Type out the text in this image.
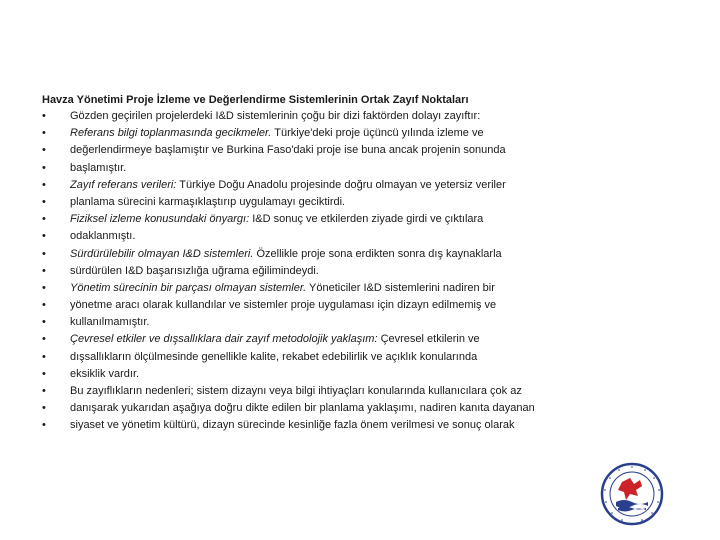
Havza Yönetimi Proje İzleme ve Değerlendirme Sistemlerinin Ortak Zayıf Noktaları
•	Gözden geçirilen projelerdeki I&D sistemlerinin çoğu bir dizi faktörden dolayı zayıftır:
•	Referans bilgi toplanmasında gecikmeler. Türkiye'deki proje üçüncü yılında izleme ve
•	değerlendirmeye başlamıştır ve Burkina Faso'daki proje ise buna ancak projenin sonunda
•	başlamıştır.
•	Zayıf referans verileri: Türkiye Doğu Anadolu projesinde doğru olmayan ve yetersiz veriler
•	planlama sürecini karmaşıklaştırıp uygulamayı geciktirdi.
•	Fiziksel izleme konusundaki önyargı: I&D sonuç ve etkilerden ziyade girdi ve çıktılara
•	odaklanmıştı.
•	Sürdürülebilir olmayan I&D sistemleri. Özellikle proje sona erdikten sonra dış kaynaklarla
•	sürdürülen I&D başarısızlığa uğrama eğilimindeydi.
•	Yönetim sürecinin bir parçası olmayan sistemler. Yöneticiler I&D sistemlerini nadiren bir
•	yönetme aracı olarak kullandılar ve sistemler proje uygulaması için dizayn edilmemiş ve
•	kullanılmamıştır.
•	Çevresel etkiler ve dışsallıklara dair zayıf metodolojik yaklaşım: Çevresel etkilerin ve
•	dışsallıkların ölçülmesinde genellikle kalite, rekabet edebilirlik ve açıklık konularında
•	eksiklik vardır.
•	Bu zayıflıkların nedenleri; sistem dizaynı veya bilgi ihtiyaçları konularında kullanıcılara çok az
•	danışarak yukarıdan aşağıya doğru dikte edilen bir planlama yaklaşımı, nadiren kanıta dayanan
•	siyaset ve yönetim kültürü, dizayn sürecinde kesinliğe fazla önem verilmesi ve sonuç olarak
